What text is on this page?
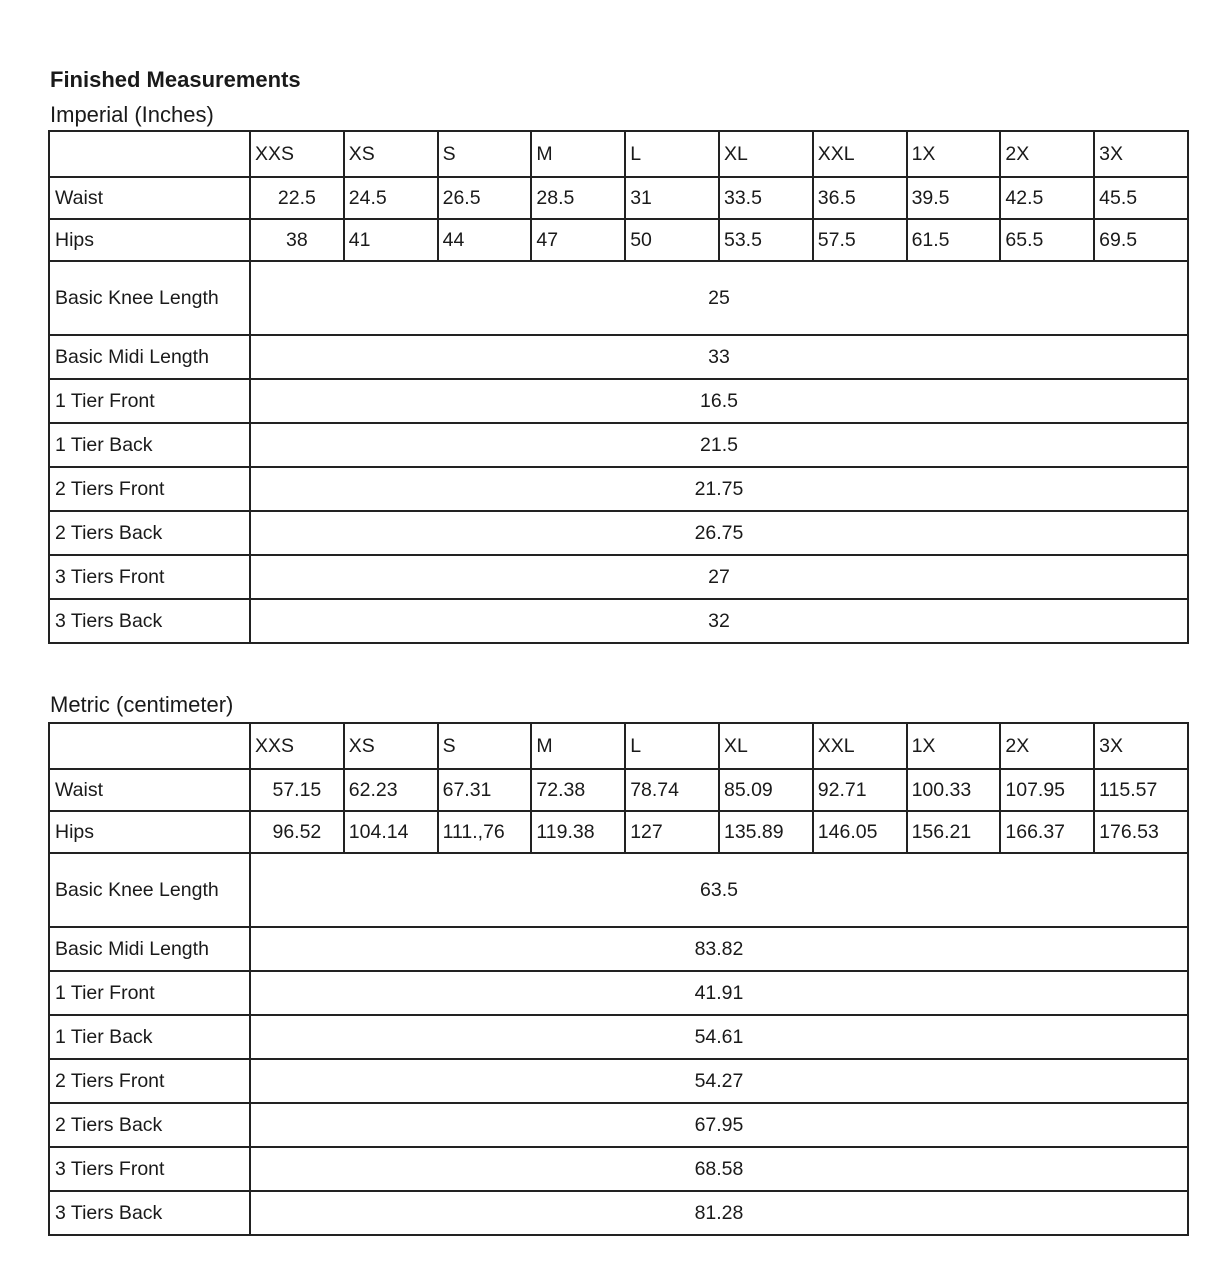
Finished Measurements
Imperial (Inches)
	XXS	XS	S	M	L	XL	XXL	1X	2X	3X
Waist	22.5	24.5	26.5	28.5	31	33.5	36.5	39.5	42.5	45.5
Hips	38	41	44	47	50	53.5	57.5	61.5	65.5	69.5
Basic Knee Length	25									
Basic Midi Length	33									
1 Tier Front	16.5									
1 Tier Back	21.5									
2 Tiers Front	21.75									
2 Tiers Back	26.75									
3 Tiers Front	27									
3 Tiers Back	32									
Metric (centimeter)
	XXS	XS	S	M	L	XL	XXL	1X	2X	3X
Waist	57.15	62.23	67.31	72.38	78.74	85.09	92.71	100.33	107.95	115.57
Hips	96.52	104.14	111.,76	119.38	127	135.89	146.05	156.21	166.37	176.53
Basic Knee Length	63.5									
Basic Midi Length	83.82									
1 Tier Front	41.91									
1 Tier Back	54.61									
2 Tiers Front	54.27									
2 Tiers Back	67.95									
3 Tiers Front	68.58									
3 Tiers Back	81.28									
